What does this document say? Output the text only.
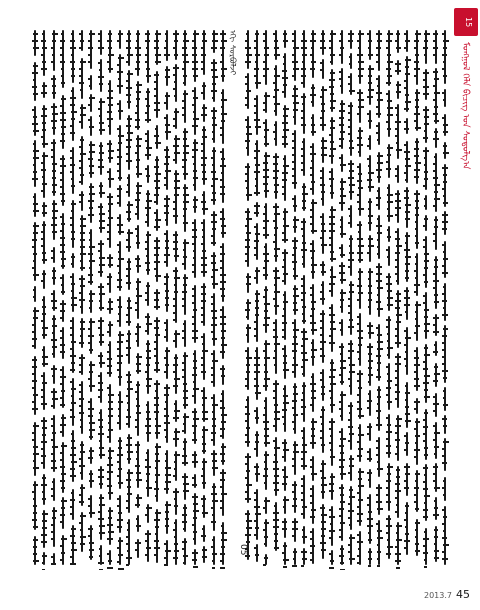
15
ᠮᠣᠩᠭᠣᠯ ᠬᠡᠯᠡ ᠪᠢᠴᠢᠭ ᠤᠨ ᠰᠤᠳᠤᠯᠭ᠎ᠠ
ᠡᠬᠢ ᠰᠤᠷᠪᠤᠯᠵᠢ
05
2013.7 45
